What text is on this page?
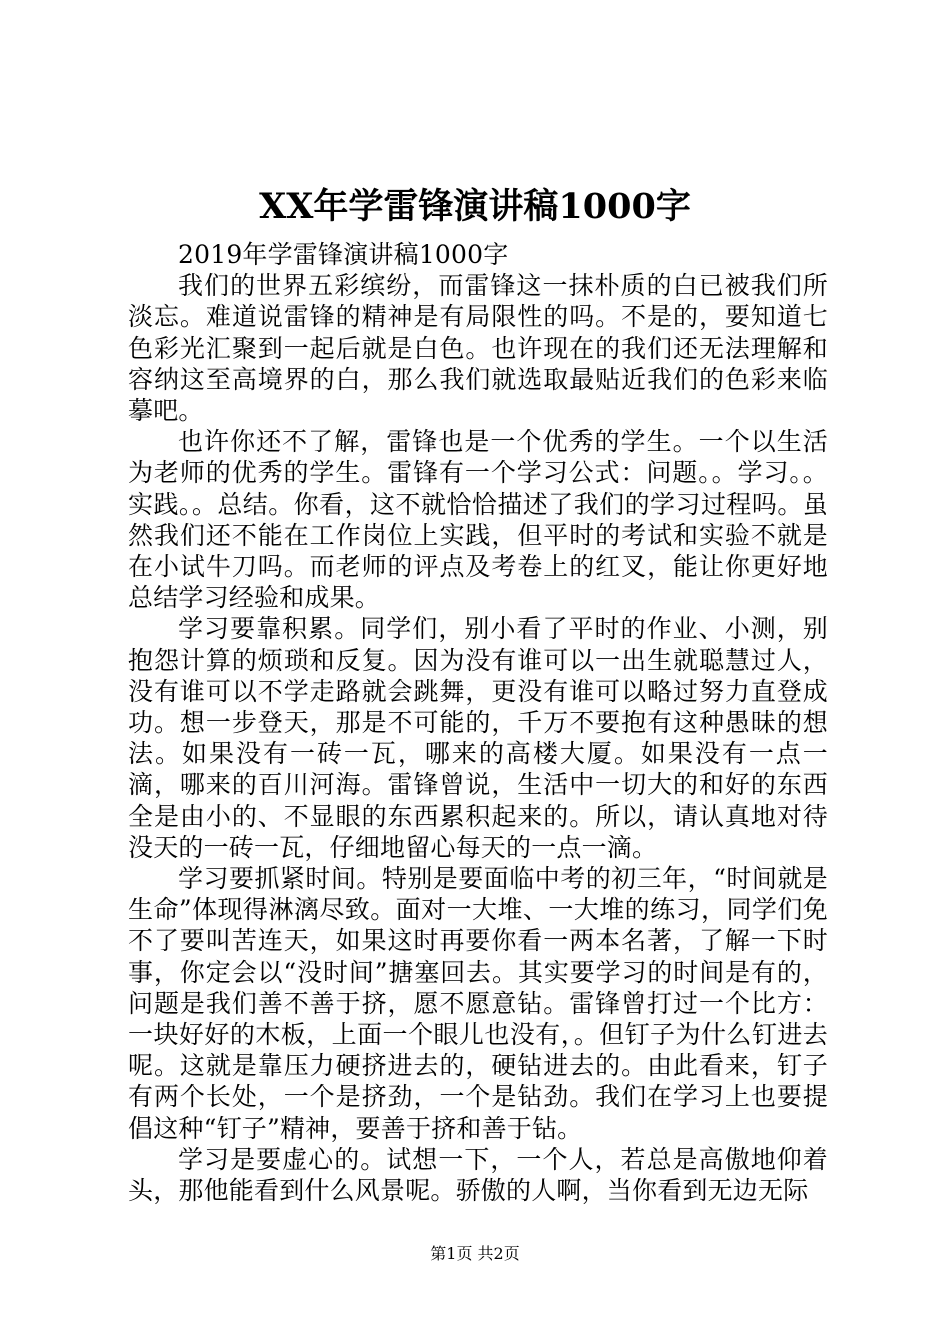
XX年学雷锋演讲稿1000字

2019年学雷锋演讲稿1000字

我们的世界五彩缤纷，而雷锋这一抹朴质的白已被我们所淡忘。难道说雷锋的精神是有局限性的吗。不是的，要知道七色彩光汇聚到一起后就是白色。也许现在的我们还无法理解和容纳这至高境界的白，那么我们就选取最贴近我们的色彩来临摹吧。

也许你还不了解，雷锋也是一个优秀的学生。一个以生活为老师的优秀的学生。雷锋有一个学习公式：问题。。学习。。实践。。总结。你看，这不就恰恰描述了我们的学习过程吗。虽然我们还不能在工作岗位上实践，但平时的考试和实验不就是在小试牛刀吗。而老师的评点及考卷上的红叉，能让你更好地总结学习经验和成果。

学习要靠积累。同学们，别小看了平时的作业、小测，别抱怨计算的烦琐和反复。因为没有谁可以一出生就聪慧过人，没有谁可以不学走路就会跳舞，更没有谁可以略过努力直登成功。想一步登天，那是不可能的，千万不要抱有这种愚昧的想法。如果没有一砖一瓦，哪来的高楼大厦。如果没有一点一滴，哪来的百川河海。雷锋曾说，生活中一切大的和好的东西全是由小的、不显眼的东西累积起来的。所以，请认真地对待没天的一砖一瓦，仔细地留心每天的一点一滴。

学习要抓紧时间。特别是要面临中考的初三年，“时间就是生命”体现得淋漓尽致。面对一大堆、一大堆的练习，同学们免不了要叫苦连天，如果这时再要你看一两本名著，了解一下时事，你定会以“没时间”搪塞回去。其实要学习的时间是有的，问题是我们善不善于挤，愿不愿意钻。雷锋曾打过一个比方：一块好好的木板，上面一个眼儿也没有，。但钉子为什么钉进去呢。这就是靠压力硬挤进去的，硬钻进去的。由此看来，钉子有两个长处，一个是挤劲，一个是钻劲。我们在学习上也要提倡这种“钉子”精神，要善于挤和善于钻。

学习是要虚心的。试想一下，一个人，若总是高傲地仰着头，那他能看到什么风景呢。骄傲的人啊，当你看到无边无际

第1页 共2页
